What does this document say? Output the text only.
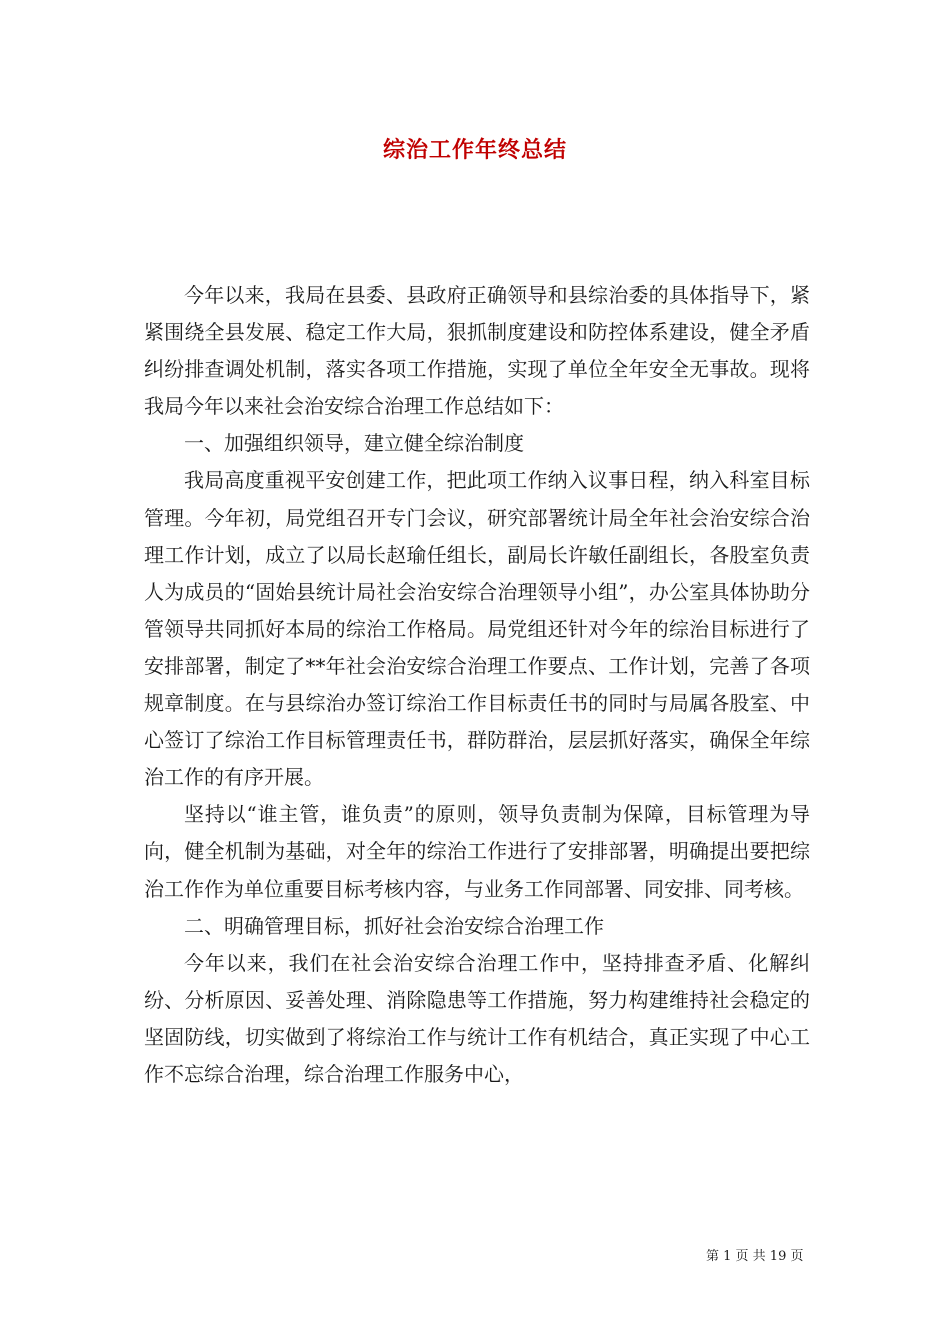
综治工作年终总结

今年以来，我局在县委、县政府正确领导和县综治委的具体指导下，紧紧围绕全县发展、稳定工作大局，狠抓制度建设和防控体系建设，健全矛盾纠纷排查调处机制，落实各项工作措施，实现了单位全年安全无事故。现将我局今年以来社会治安综合治理工作总结如下：

一、加强组织领导，建立健全综治制度

我局高度重视平安创建工作，把此项工作纳入议事日程，纳入科室目标管理。今年初，局党组召开专门会议，研究部署统计局全年社会治安综合治理工作计划，成立了以局长赵瑜任组长，副局长许敏任副组长，各股室负责人为成员的“固始县统计局社会治安综合治理领导小组”，办公室具体协助分管领导共同抓好本局的综治工作格局。局党组还针对今年的综治目标进行了安排部署，制定了**年社会治安综合治理工作要点、工作计划，完善了各项规章制度。在与县综治办签订综治工作目标责任书的同时与局属各股室、中心签订了综治工作目标管理责任书，群防群治，层层抓好落实，确保全年综治工作的有序开展。

坚持以“谁主管，谁负责”的原则，领导负责制为保障，目标管理为导向，健全机制为基础，对全年的综治工作进行了安排部署，明确提出要把综治工作作为单位重要目标考核内容，与业务工作同部署、同安排、同考核。

二、明确管理目标，抓好社会治安综合治理工作

今年以来，我们在社会治安综合治理工作中，坚持排查矛盾、化解纠纷、分析原因、妥善处理、消除隐患等工作措施，努力构建维持社会稳定的坚固防线，切实做到了将综治工作与统计工作有机结合，真正实现了中心工作不忘综合治理，综合治理工作服务中心，

第 1 页 共 19 页
